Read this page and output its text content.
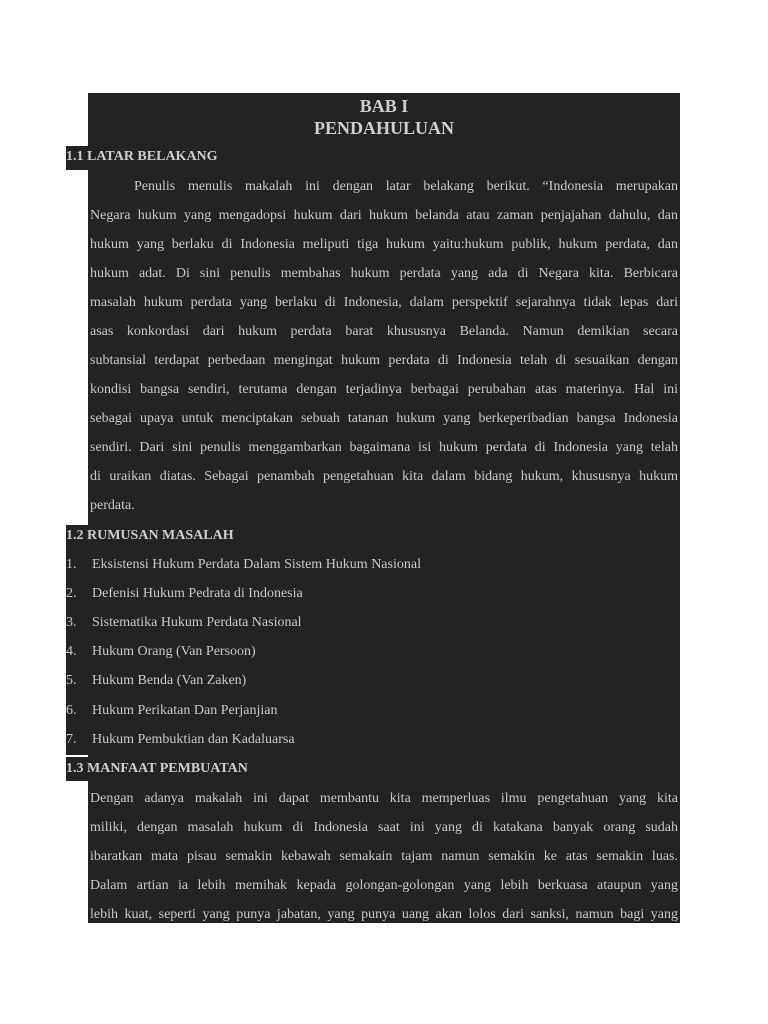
BAB I
PENDAHULUAN
1.1 LATAR BELAKANG
Penulis menulis makalah ini dengan latar belakang berikut. “Indonesia merupakan
Negara hukum yang mengadopsi hukum dari hukum belanda atau zaman penjajahan dahulu, dan
hukum yang berlaku di Indonesia meliputi tiga hukum yaitu:hukum publik, hukum perdata, dan
hukum adat. Di sini penulis membahas hukum perdata yang ada di Negara kita. Berbicara
masalah hukum perdata yang berlaku di Indonesia, dalam perspektif sejarahnya tidak lepas dari
asas konkordasi dari hukum perdata barat khususnya Belanda. Namun demikian secara
subtansial terdapat perbedaan mengingat hukum perdata di Indonesia telah di sesuaikan dengan
kondisi bangsa sendiri, terutama dengan terjadinya berbagai perubahan atas materinya. Hal ini
sebagai upaya untuk menciptakan sebuah tatanan hukum yang berkeperibadian bangsa Indonesia
sendiri. Dari sini penulis menggambarkan bagaimana isi hukum perdata di Indonesia yang telah
di uraikan diatas. Sebagai penambah pengetahuan kita dalam bidang hukum, khususnya hukum
perdata.
1.2 RUMUSAN MASALAH
1. Eksistensi Hukum Perdata Dalam Sistem Hukum Nasional
2. Defenisi Hukum Pedrata di Indonesia
3. Sistematika Hukum Perdata Nasional
4. Hukum Orang (Van Persoon)
5. Hukum Benda (Van Zaken)
6. Hukum Perikatan Dan Perjanjian
7. Hukum Pembuktian dan Kadaluarsa
1.3 MANFAAT PEMBUATAN
Dengan adanya makalah ini dapat membantu kita memperluas ilmu pengetahuan yang kita
miliki, dengan masalah hukum di Indonesia saat ini yang di katakana banyak orang sudah
ibaratkan mata pisau semakin kebawah semakain tajam namun semakin ke atas semakin luas.
Dalam artian ia lebih memihak kepada golongan-golongan yang lebih berkuasa ataupun yang
lebih kuat, seperti yang punya jabatan, yang punya uang akan lolos dari sanksi, namun bagi yang
